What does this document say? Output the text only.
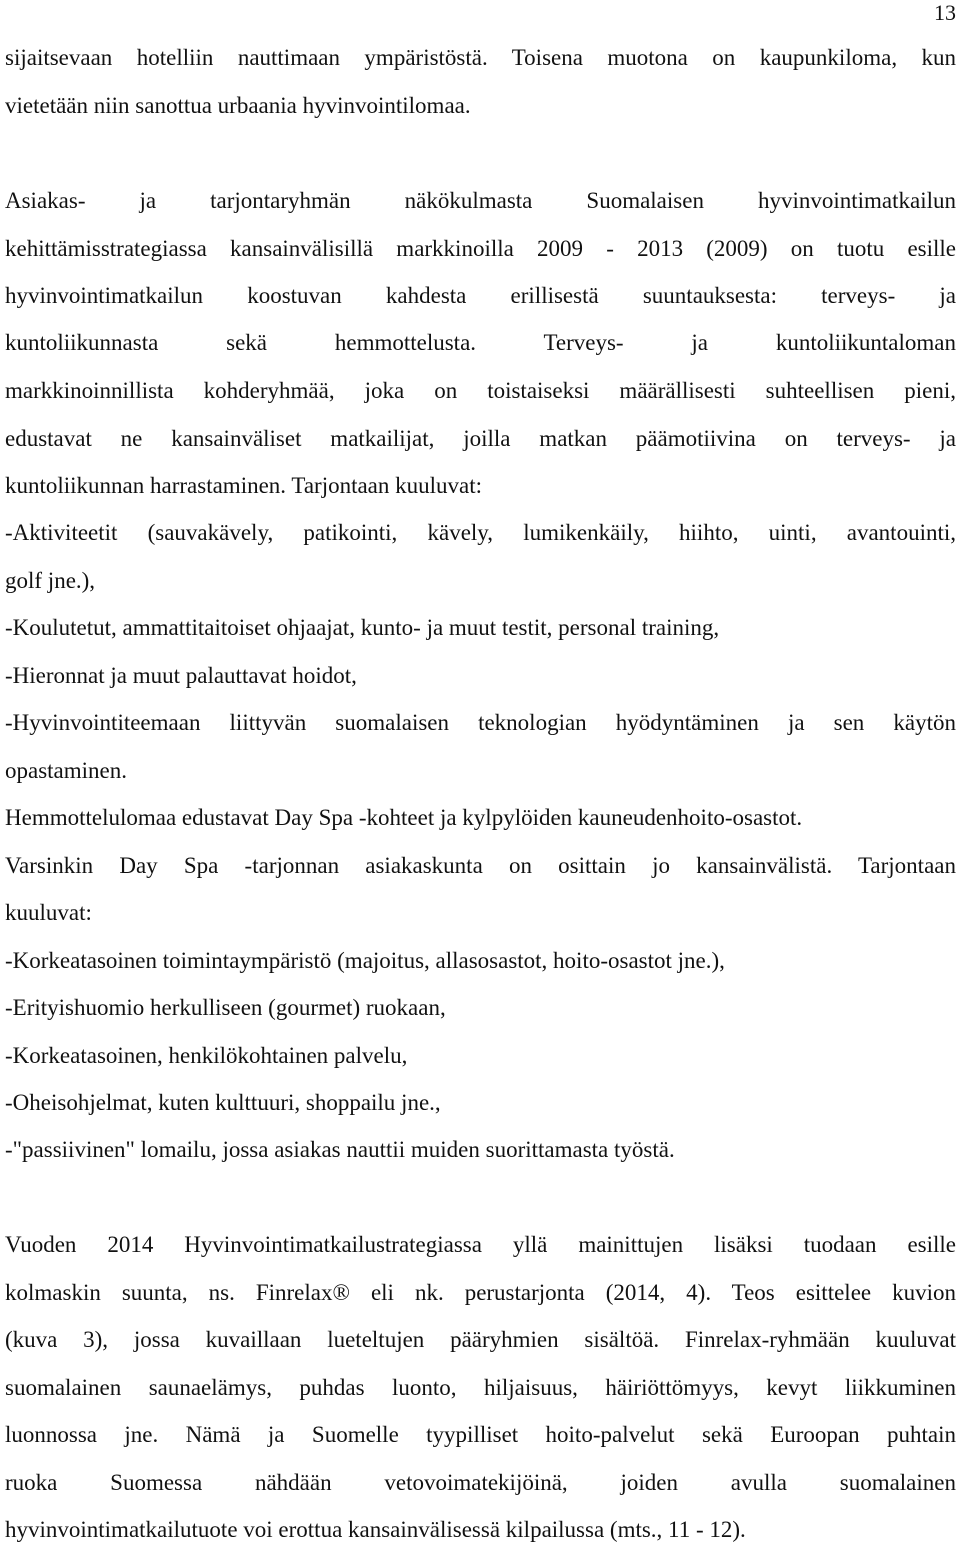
13
sijaitsevaan hotelliin nauttimaan ympäristöstä. Toisena muotona on kaupunkiloma, kun
vietetään niin sanottua urbaania hyvinvointilomaa.
Asiakas- ja tarjontaryhmän näkökulmasta Suomalaisen hyvinvointimatkailun
kehittämisstrategiassa kansainvälisillä markkinoilla 2009 - 2013 (2009) on tuotu esille
hyvinvointimatkailun koostuvan kahdesta erillisestä suuntauksesta: terveys- ja
kuntoliikunnasta sekä hemmottelusta. Terveys- ja kuntoliikuntaloman
markkinoinnillista kohderyhmää, joka on toistaiseksi määrällisesti suhteellisen pieni,
edustavat ne kansainväliset matkailijat, joilla matkan päämotiivina on terveys- ja
kuntoliikunnan harrastaminen. Tarjontaan kuuluvat:
-Aktiviteetit (sauvakävely, patikointi, kävely, lumikenkäily, hiihto, uinti, avantouinti,
golf jne.),
-Koulutetut, ammattitaitoiset ohjaajat, kunto- ja muut testit, personal training,
-Hieronnat ja muut palauttavat hoidot,
-Hyvinvointiteemaan liittyvän suomalaisen teknologian hyödyntäminen ja sen käytön
opastaminen.
Hemmottelulomaa edustavat Day Spa -kohteet ja kylpylöiden kauneudenhoito-osastot.
Varsinkin Day Spa -tarjonnan asiakaskunta on osittain jo kansainvälistä. Tarjontaan
kuuluvat:
-Korkeatasoinen toimintaympäristö (majoitus, allasosastot, hoito-osastot jne.),
-Erityishuomio herkulliseen (gourmet) ruokaan,
-Korkeatasoinen, henkilökohtainen palvelu,
-Oheisohjelmat, kuten kulttuuri, shoppailu jne.,
-"passiivinen" lomailu, jossa asiakas nauttii muiden suorittamasta työstä.
Vuoden 2014 Hyvinvointimatkailustrategiassa yllä mainittujen lisäksi tuodaan esille
kolmaskin suunta, ns. Finrelax® eli nk. perustarjonta (2014, 4). Teos esittelee kuvion
(kuva 3), jossa kuvaillaan lueteltujen pääryhmien sisältöä. Finrelax-ryhmään kuuluvat
suomalainen saunaelämys, puhdas luonto, hiljaisuus, häiriöttömyys, kevyt liikkuminen
luonnossa jne. Nämä ja Suomelle tyypilliset hoito-palvelut sekä Euroopan puhtain
ruoka Suomessa nähdään vetovoimatekijöinä, joiden avulla suomalainen
hyvinvointimatkailutuote voi erottua kansainvälisessä kilpailussa (mts., 11 - 12).
